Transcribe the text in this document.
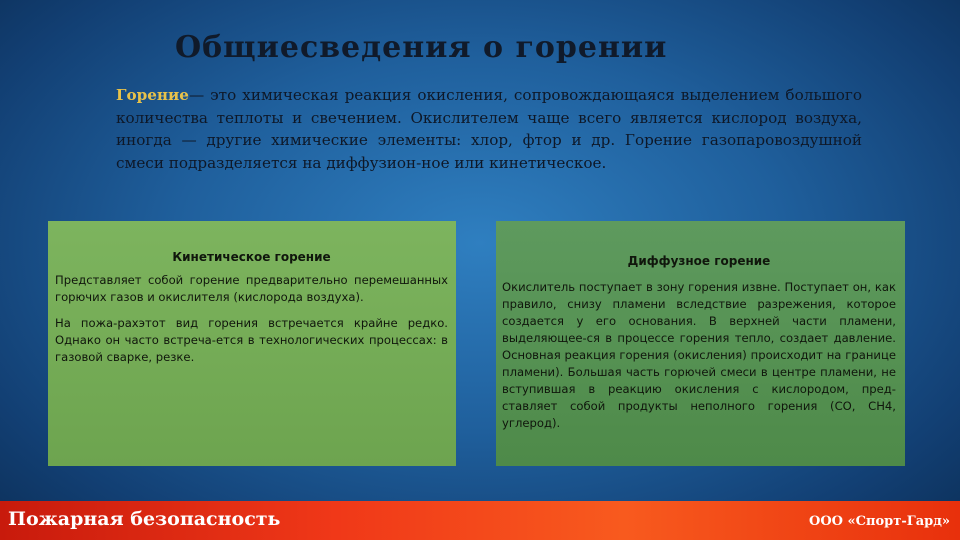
Общиесведения о горении
Горение— это химическая реакция окисления, сопровождающаяся выделением большого количества теплоты и свечением. Окислителем чаще всего является кислород воздуха, иногда — другие химические элементы: хлор, фтор и др. Горение газопаровоздушной смеси подразделяется на диффузион-ное или кинетическое.
Кинетическое горение

Представляет собой горение предварительно перемешанных горючих газов и окислителя (кислорода воздуха).

На пожа-рахэтот вид горения встречается крайне редко. Однако он часто встреча-ется в технологических процессах: в газовой сварке, резке.

Диффузное горение

Окислитель поступает в зону горения извне. Поступает он, как правило, снизу пламени вследствие разрежения, которое создается у его основания. В верхней части пламени, выделяющее-ся в процессе горения тепло, создает давление. Основная реакция горения (окисления) происходит на границе пламени). Большая часть горючей смеси в центре пламени, не вступившая в реакцию окисления с кислородом, пред-ставляет собой продукты неполного горения (СО, СН4, углерод).

Пожарная безопасность	ООО «Спорт-Гард»
